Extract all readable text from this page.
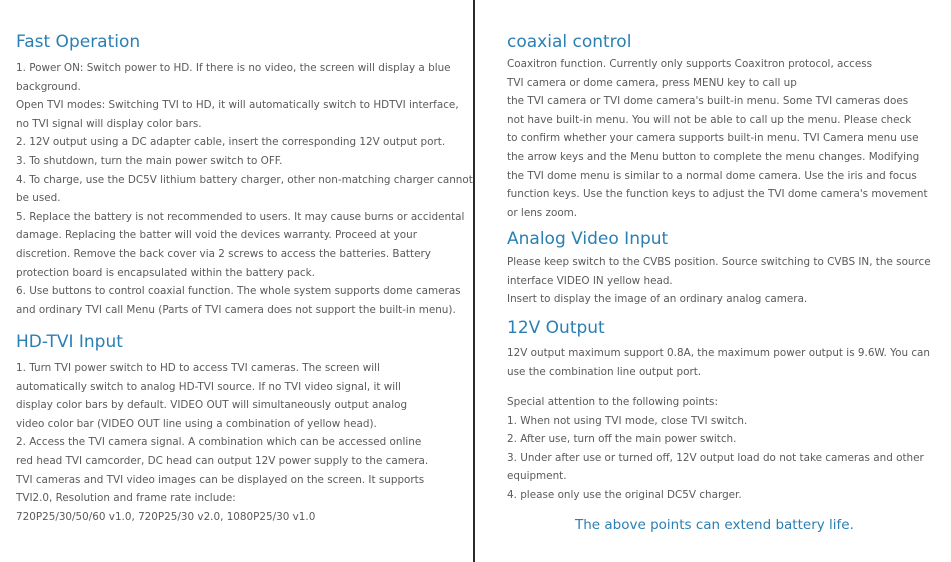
Fast Operation
1. Power ON: Switch power to HD. If there is no video, the screen will display a blue
background.
Open TVI modes: Switching TVI to HD, it will automatically switch to HDTVI interface,
no TVI signal will display color bars.
2. 12V output using a DC adapter cable, insert the corresponding 12V output port.
3. To shutdown, turn the main power switch to OFF.
4. To charge, use the DC5V lithium battery charger, other non-matching charger cannot
be used.
5. Replace the battery is not recommended to users. It may cause burns or accidental
damage. Replacing the batter will void the devices warranty. Proceed at your
discretion. Remove the back cover via 2 screws to access the batteries. Battery
protection board is encapsulated within the battery pack.
6. Use buttons to control coaxial function. The whole system supports dome cameras
and ordinary TVI call Menu (Parts of TVI camera does not support the built-in menu).
HD-TVI Input
1. Turn TVI power switch to HD to access TVI cameras. The screen will
automatically switch to analog HD-TVI source. If no TVI video signal, it will
display color bars by default. VIDEO OUT will simultaneously output analog
video color bar (VIDEO OUT line using a combination of yellow head).
2. Access the TVI camera signal. A combination which can be accessed online
red head TVI camcorder, DC head can output 12V power supply to the camera.
TVI cameras and TVI video images can be displayed on the screen. It supports
TVI2.0, Resolution and frame rate include:
720P25/30/50/60 v1.0, 720P25/30 v2.0, 1080P25/30 v1.0
coaxial control
Coaxitron function. Currently only supports Coaxitron protocol, access
TVI camera or dome camera, press MENU key to call up
the TVI camera or TVI dome camera's built-in menu. Some TVI cameras does
not have built-in menu. You will not be able to call up the menu. Please check
to confirm whether your camera supports built-in menu. TVI Camera menu use
the arrow keys and the Menu button to complete the menu changes. Modifying
the TVI dome menu is similar to a normal dome camera. Use the iris and focus
function keys. Use the function keys to adjust the TVI dome camera's movement
or lens zoom.
Analog Video Input
Please keep switch to the CVBS position. Source switching to CVBS IN, the source
interface VIDEO IN yellow head.
Insert to display the image of an ordinary analog camera.
12V Output
12V output maximum support 0.8A, the maximum power output is 9.6W. You can
use the combination line output port.
Special attention to the following points:
1. When not using TVI mode, close TVI switch.
2. After use, turn off the main power switch.
3. Under after use or turned off, 12V output load do not take cameras and other
equipment.
4. please only use the original DC5V charger.

The above points can extend battery life.
